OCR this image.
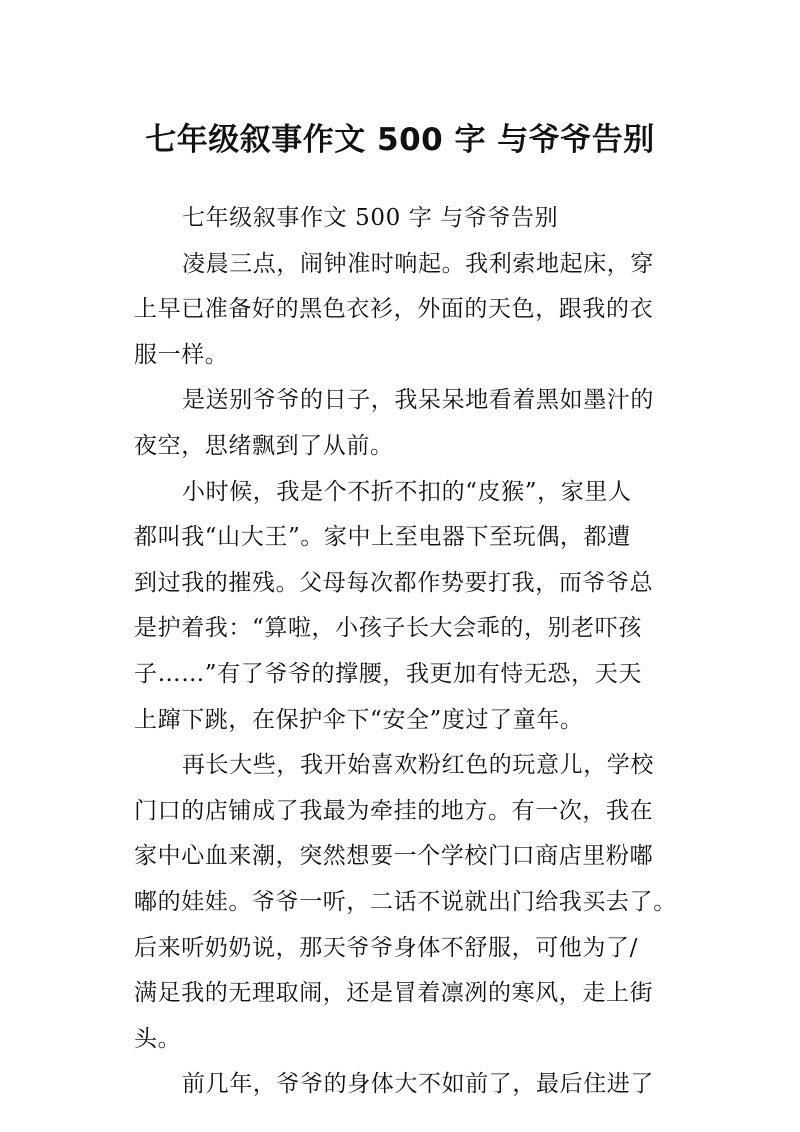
七年级叙事作文 500 字 与爷爷告别
七年级叙事作文 500 字 与爷爷告别
凌晨三点，闹钟准时响起。我利索地起床，穿
上早已准备好的黑色衣衫，外面的天色，跟我的衣
服一样。
是送别爷爷的日子，我呆呆地看着黑如墨汁的
夜空，思绪飘到了从前。
小时候，我是个不折不扣的“皮猴”，家里人
都叫我“山大王”。家中上至电器下至玩偶，都遭
到过我的摧残。父母每次都作势要打我，而爷爷总
是护着我：“算啦，小孩子长大会乖的，别老吓孩
子……”有了爷爷的撑腰，我更加有恃无恐，天天
上蹿下跳，在保护伞下“安全”度过了童年。
再长大些，我开始喜欢粉红色的玩意儿，学校
门口的店铺成了我最为牵挂的地方。有一次，我在
家中心血来潮，突然想要一个学校门口商店里粉嘟
嘟的娃娃。爷爷一听，二话不说就出门给我买去了。
后来听奶奶说，那天爷爷身体不舒服，可他为了/
满足我的无理取闹，还是冒着凛冽的寒风，走上街
头。
前几年，爷爷的身体大不如前了，最后住进了
